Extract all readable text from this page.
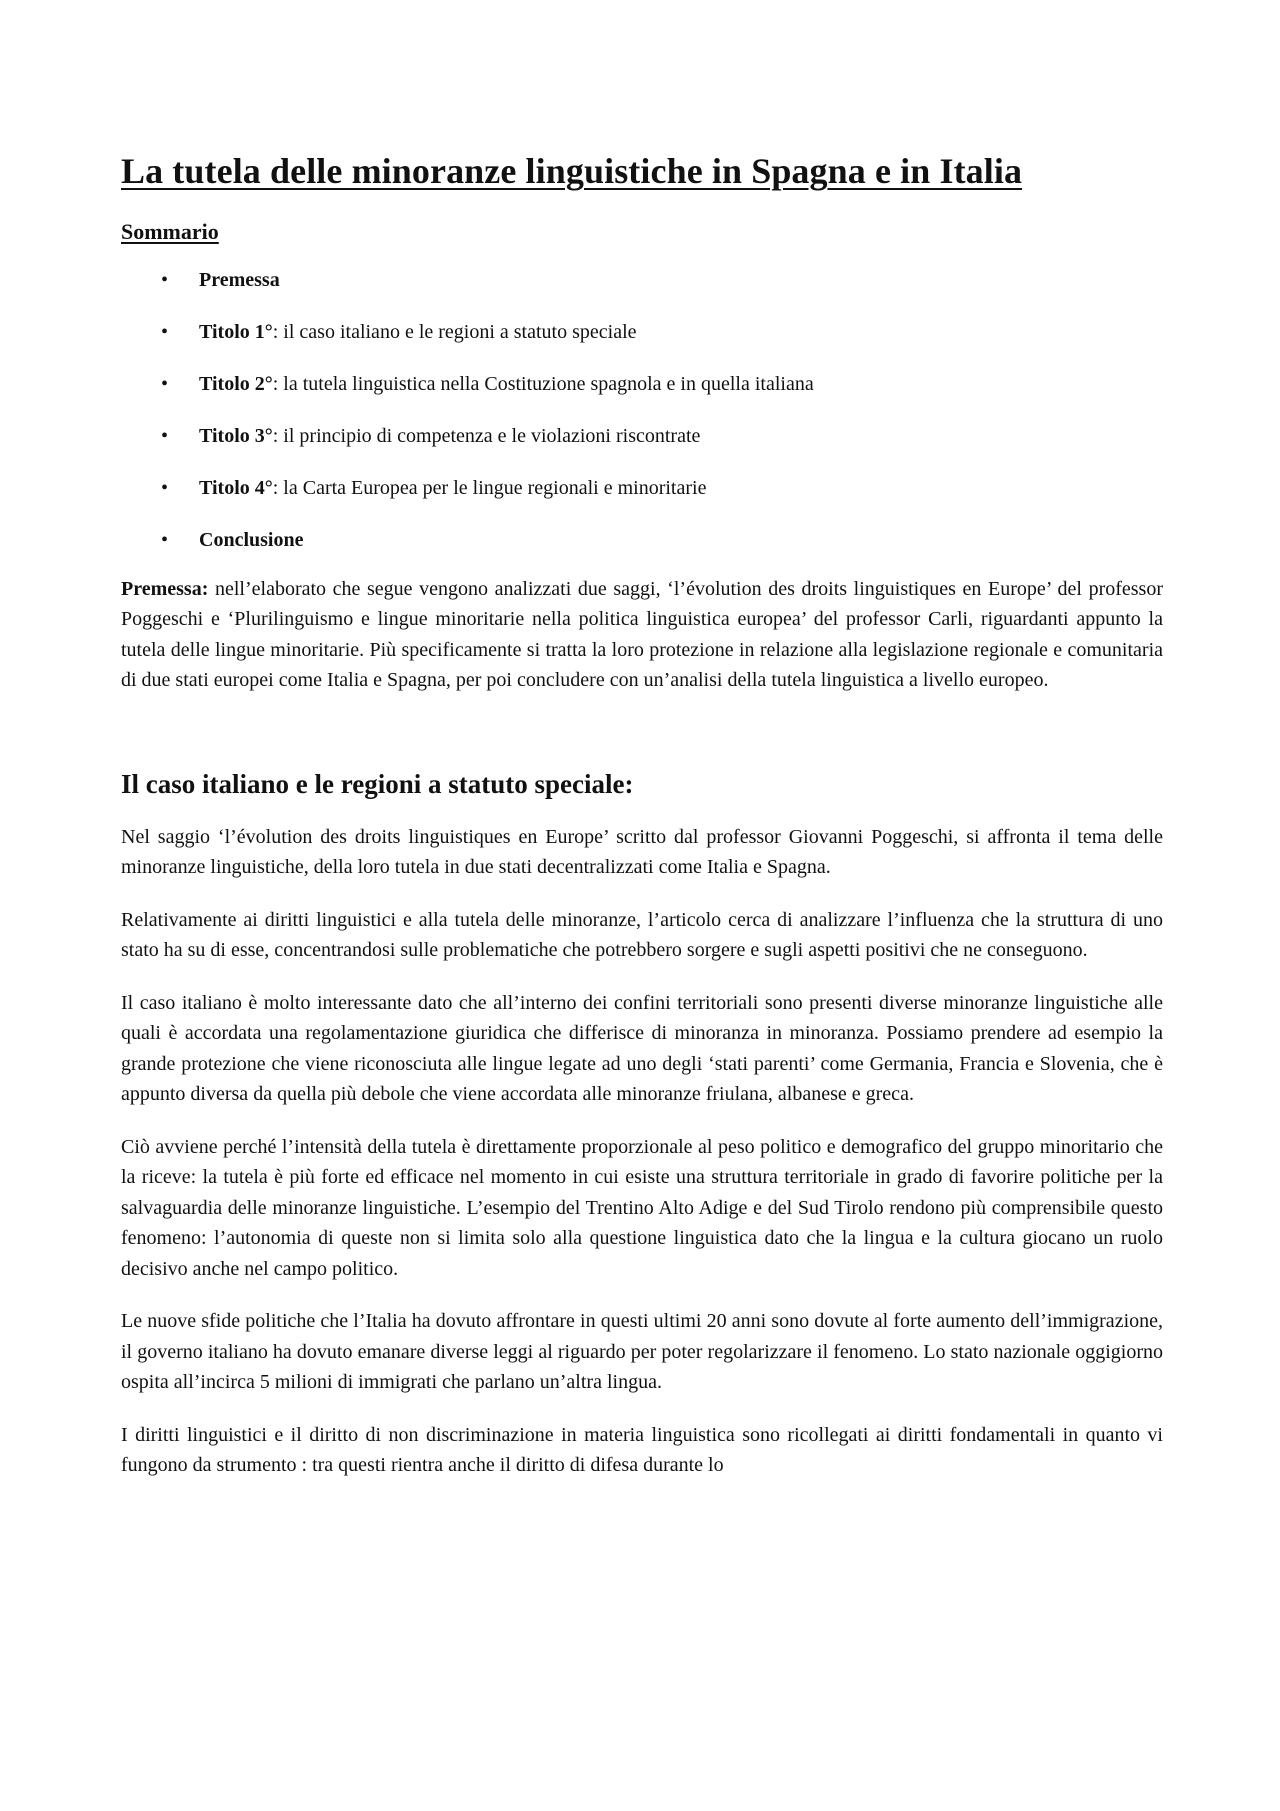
La tutela delle minoranze linguistiche in Spagna e in Italia
Sommario
• Premessa
• Titolo 1°: il caso italiano e le regioni a statuto speciale
• Titolo 2°: la tutela linguistica nella Costituzione spagnola e in quella italiana
• Titolo 3°: il principio di competenza e le violazioni riscontrate
• Titolo 4°: la Carta Europea per le lingue regionali e minoritarie
• Conclusione

Premessa: nell’elaborato che segue vengono analizzati due saggi, ‘l’évolution des droits linguistiques en Europe’ del professor Poggeschi e ‘Plurilinguismo e lingue minoritarie nella politica linguistica europea’ del professor Carli, riguardanti appunto la tutela delle lingue minoritarie. Più specificamente si tratta la loro protezione in relazione alla legislazione regionale e comunitaria di due stati europei come Italia e Spagna, per poi concludere con un’analisi della tutela linguistica a livello europeo.

Il caso italiano e le regioni a statuto speciale:

Nel saggio ‘l’évolution des droits linguistiques en Europe’ scritto dal professor Giovanni Poggeschi, si affronta il tema delle minoranze linguistiche, della loro tutela in due stati decentralizzati come Italia e Spagna.

Relativamente ai diritti linguistici e alla tutela delle minoranze, l’articolo cerca di analizzare l’influenza che la struttura di uno stato ha su di esse, concentrandosi sulle problematiche che potrebbero sorgere e sugli aspetti positivi che ne conseguono.

Il caso italiano è molto interessante dato che all’interno dei confini territoriali sono presenti diverse minoranze linguistiche alle quali è accordata una regolamentazione giuridica che differisce di minoranza in minoranza. Possiamo prendere ad esempio la grande protezione che viene riconosciuta alle lingue legate ad uno degli ‘stati parenti’ come Germania, Francia e Slovenia, che è appunto diversa da quella più debole che viene accordata alle minoranze friulana, albanese e greca.

Ciò avviene perché l’intensità della tutela è direttamente proporzionale al peso politico e demografico del gruppo minoritario che la riceve: la tutela è più forte ed efficace nel momento in cui esiste una struttura territoriale in grado di favorire politiche per la salvaguardia delle minoranze linguistiche. L’esempio del Trentino Alto Adige e del Sud Tirolo rendono più comprensibile questo fenomeno: l’autonomia di queste non si limita solo alla questione linguistica dato che la lingua e la cultura giocano un ruolo decisivo anche nel campo politico.

Le nuove sfide politiche che l’Italia ha dovuto affrontare in questi ultimi 20 anni sono dovute al forte aumento dell’immigrazione, il governo italiano ha dovuto emanare diverse leggi al riguardo per poter regolarizzare il fenomeno. Lo stato nazionale oggigiorno ospita all’incirca 5 milioni di immigrati che parlano un’altra lingua.

I diritti linguistici e il diritto di non discriminazione in materia linguistica sono ricollegati ai diritti fondamentali in quanto vi fungono da strumento : tra questi rientra anche il diritto di difesa durante lo
